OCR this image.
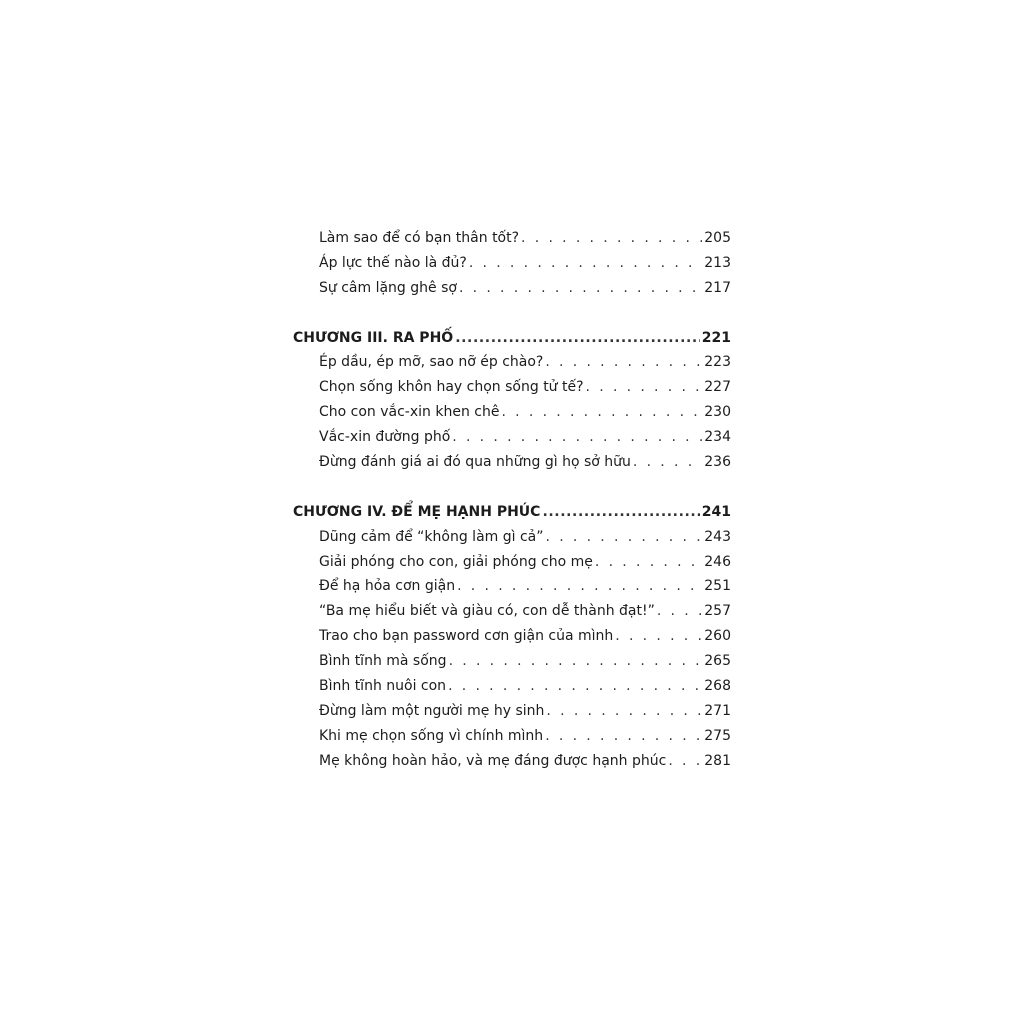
Làm sao để có bạn thân tốt? . . .	205
Áp lực thế nào là đủ? . . .	213
Sự câm lặng ghê sợ . . .	217
CHƯƠNG III. RA PHỐ .....	221
Ép dầu, ép mỡ, sao nỡ ép chào? . . .	223
Chọn sống khôn hay chọn sống tử tế? . . .	227
Cho con vắc-xin khen chê . . .	230
Vắc-xin đường phố . . .	234
Đừng đánh giá ai đó qua những gì họ sở hữu . . .	236
CHƯƠNG IV. ĐỂ MẸ HẠNH PHÚC .....	241
Dũng cảm để “không làm gì cả” . . .	243
Giải phóng cho con, giải phóng cho mẹ . . .	246
Để hạ hỏa cơn giận . . .	251
“Ba mẹ hiểu biết và giàu có, con dễ thành đạt!” . . .	257
Trao cho bạn password cơn giận của mình . . .	260
Bình tĩnh mà sống . . .	265
Bình tĩnh nuôi con . . .	268
Đừng làm một người mẹ hy sinh . . .	271
Khi mẹ chọn sống vì chính mình . . .	275
Mẹ không hoàn hảo, và mẹ đáng được hạnh phúc . . .	281
